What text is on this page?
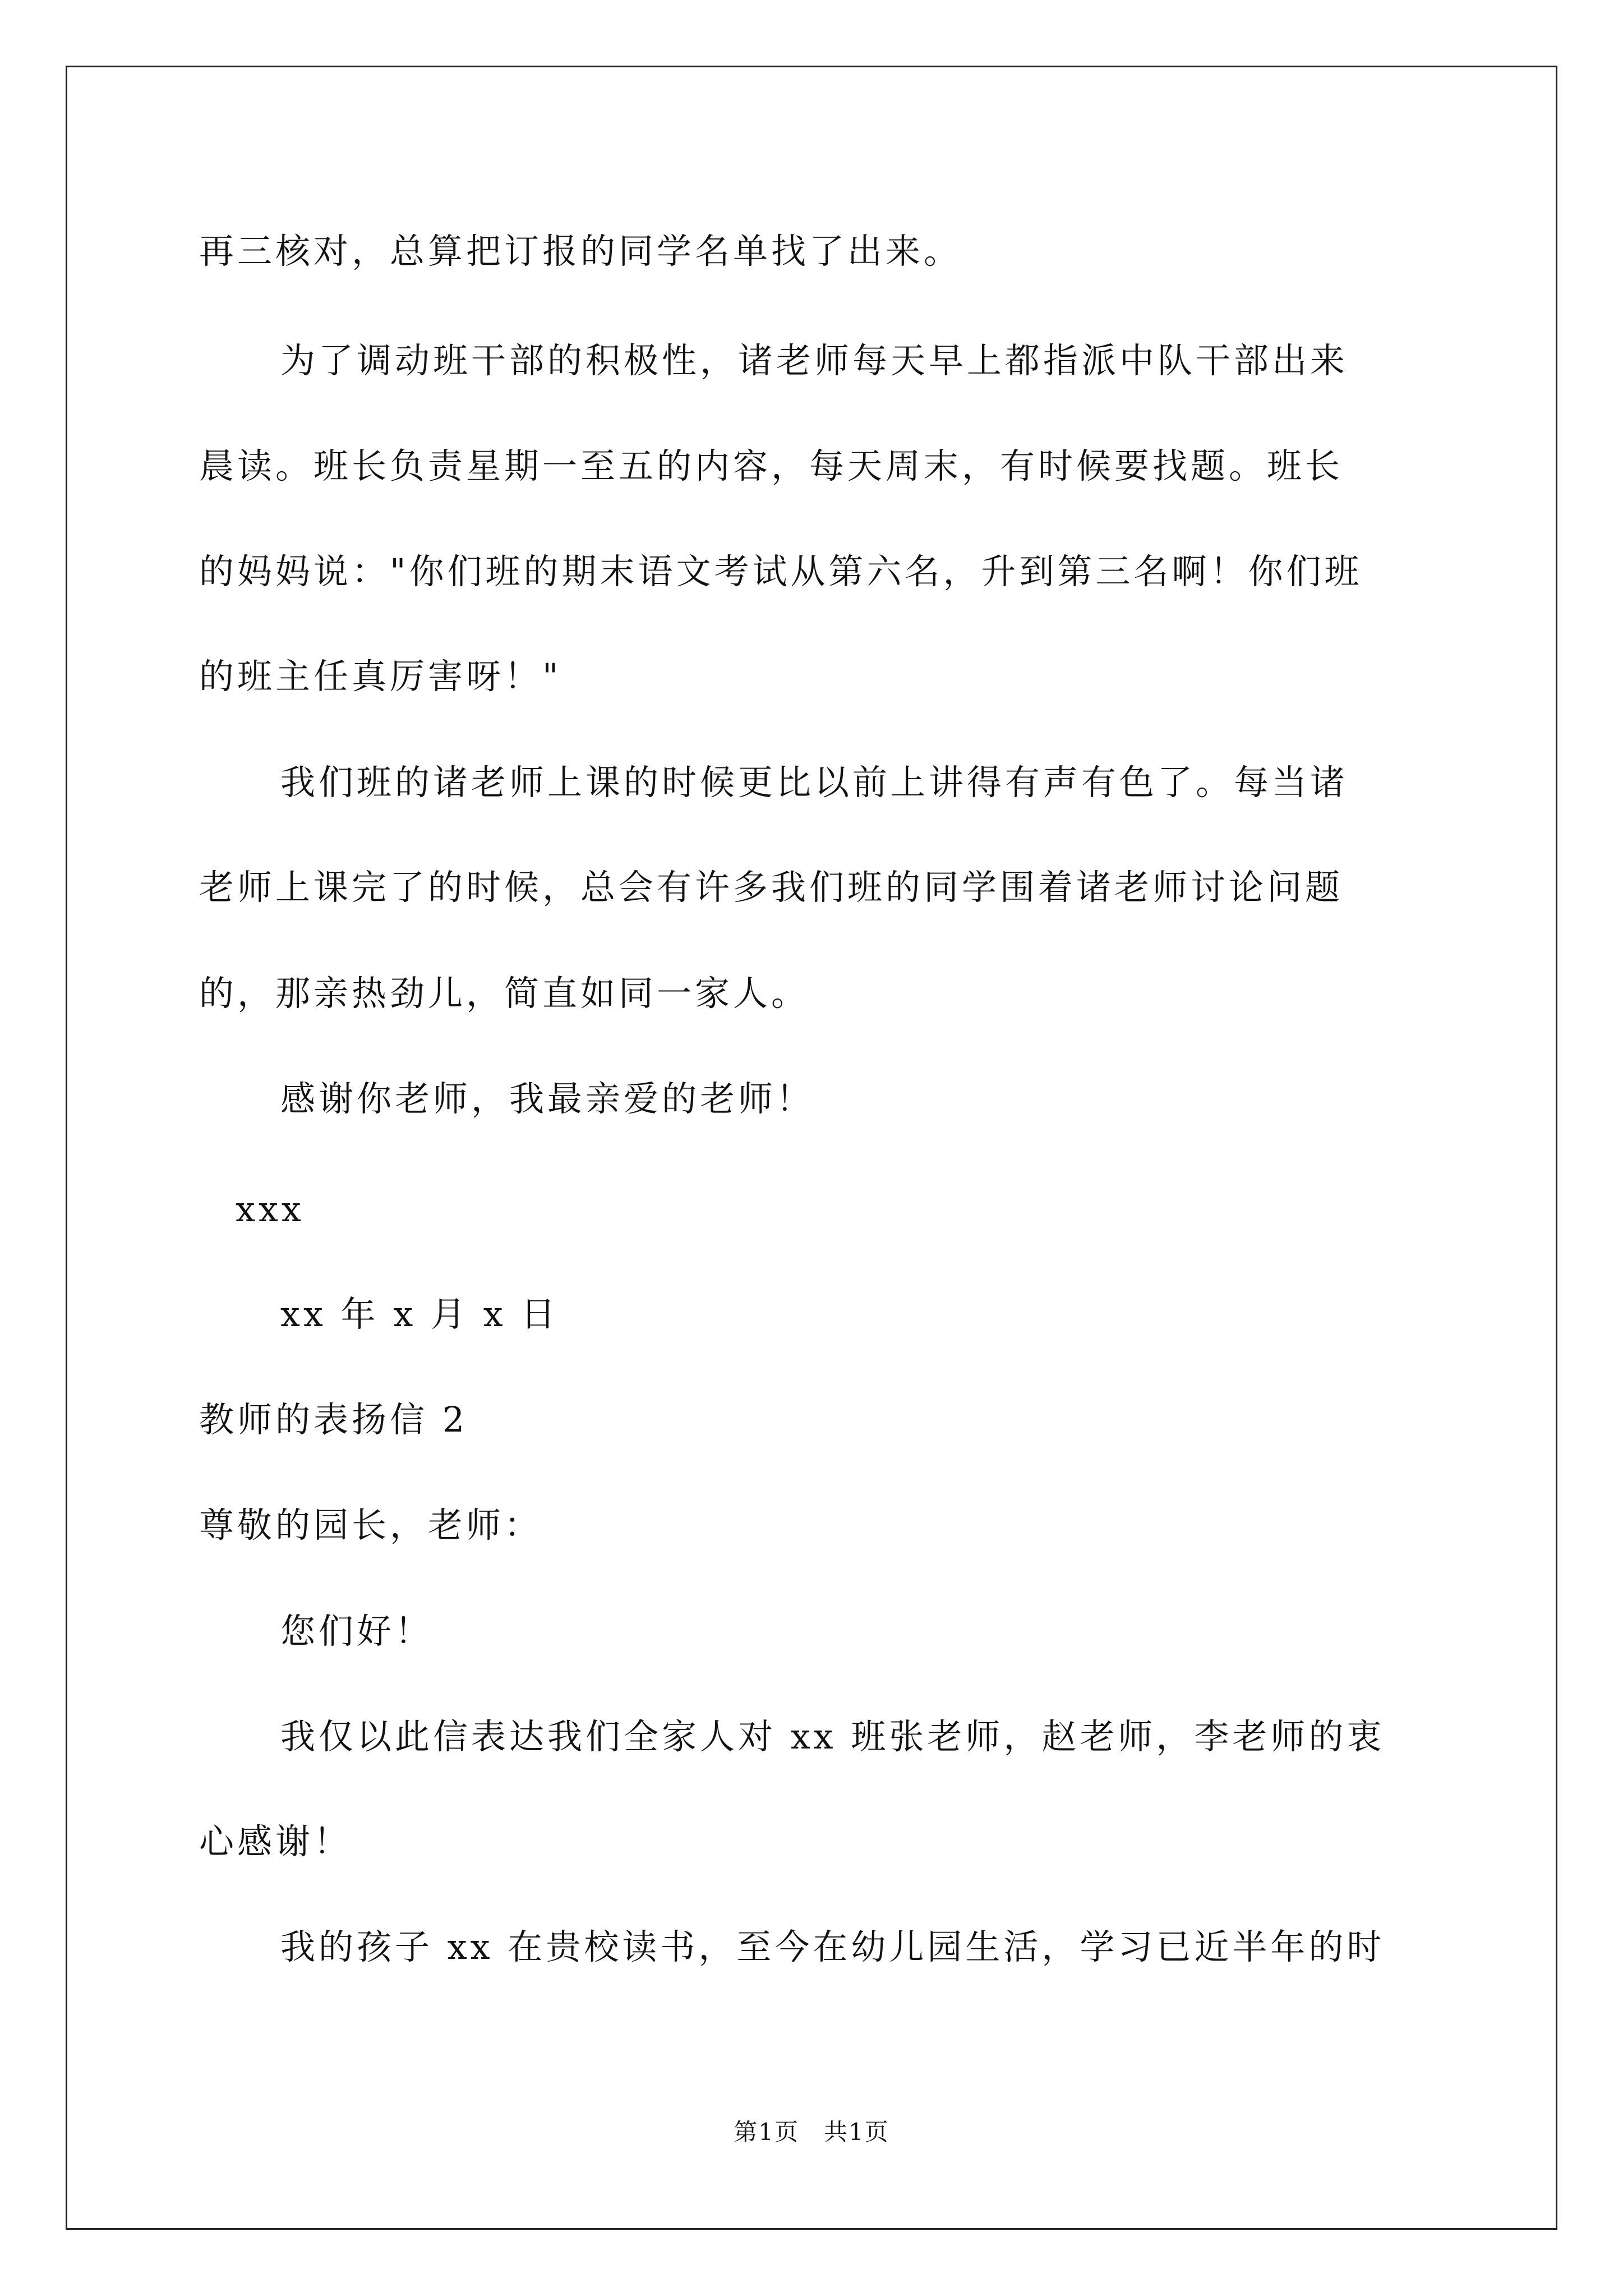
再三核对，总算把订报的同学名单找了出来。
为了调动班干部的积极性，诸老师每天早上都指派中队干部出来
晨读。班长负责星期一至五的内容，每天周末，有时候要找题。班长
的妈妈说："你们班的期末语文考试从第六名，升到第三名啊！你们班
的班主任真厉害呀！"
我们班的诸老师上课的时候更比以前上讲得有声有色了。每当诸
老师上课完了的时候，总会有许多我们班的同学围着诸老师讨论问题
的，那亲热劲儿，简直如同一家人。
感谢你老师，我最亲爱的老师！
xxx
xx 年 x 月 x 日
教师的表扬信 2
尊敬的园长，老师：
您们好！
我仅以此信表达我们全家人对 xx 班张老师，赵老师，李老师的衷
心感谢！
我的孩子 xx 在贵校读书，至今在幼儿园生活，学习已近半年的时
第1页　共1页
